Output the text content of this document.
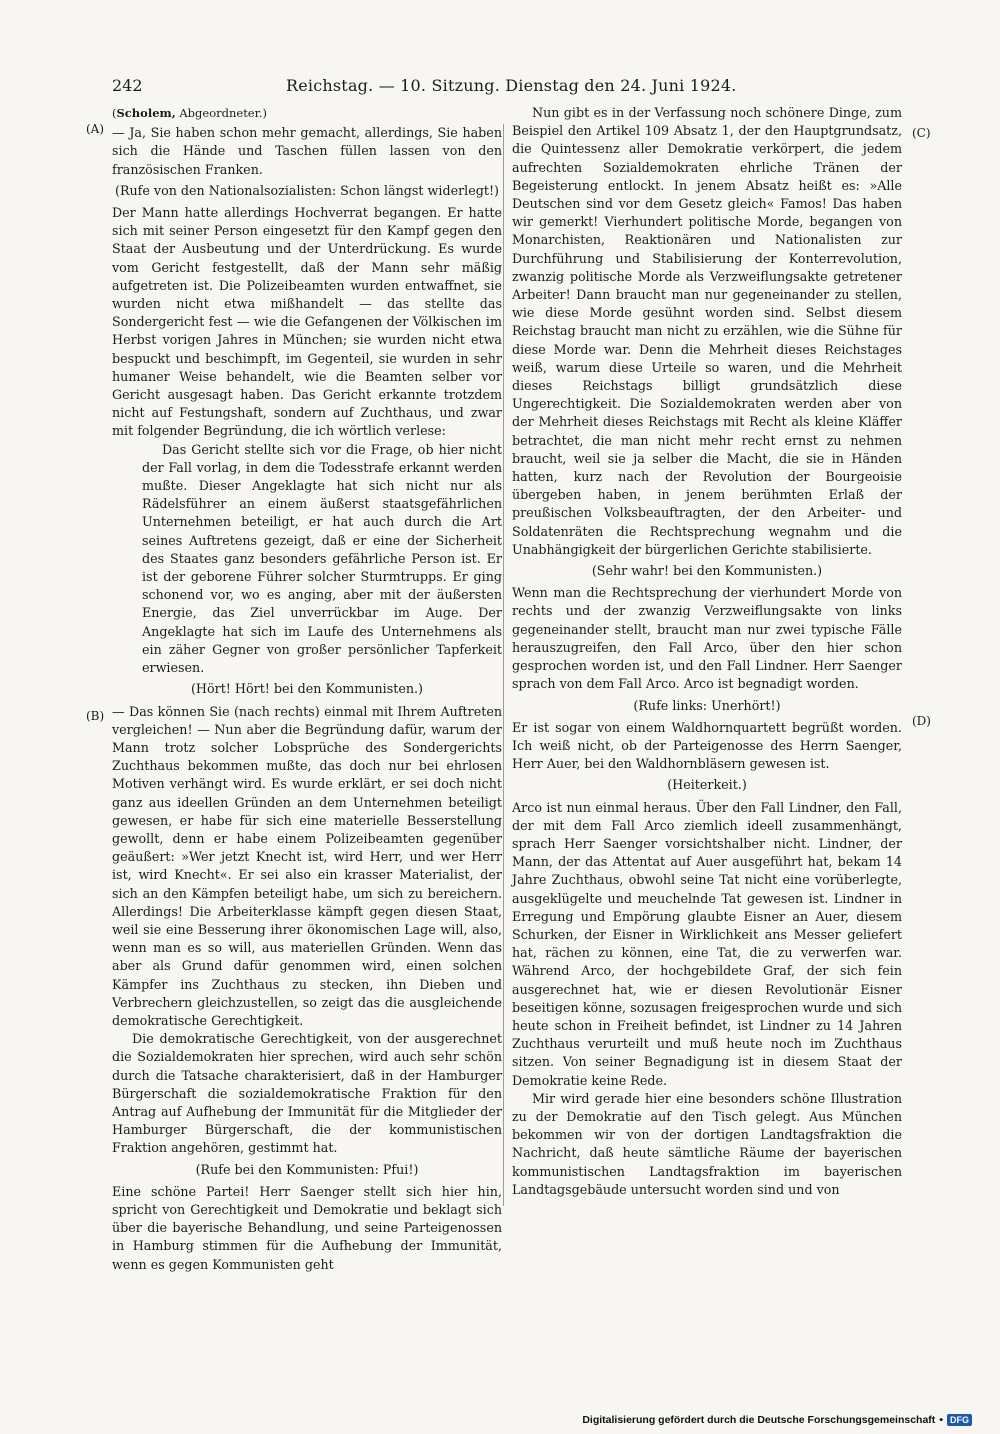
242	Reichstag. — 10. Sitzung. Dienstag den 24. Juni 1924.
(A)
(B)
(C)
(D)
(Scholem, Abgeordneter.)

— Ja, Sie haben schon mehr gemacht, allerdings, Sie haben sich die Hände und Taschen füllen lassen von den französischen Franken.

(Rufe von den Nationalsozialisten: Schon längst widerlegt!)

Der Mann hatte allerdings Hochverrat begangen. Er hatte sich mit seiner Person eingesetzt für den Kampf gegen den Staat der Ausbeutung und der Unterdrückung. Es wurde vom Gericht festgestellt, daß der Mann sehr mäßig aufgetreten ist. Die Polizeibeamten wurden entwaffnet, sie wurden nicht etwa mißhandelt — das stellte das Sondergericht fest — wie die Gefangenen der Völkischen im Herbst vorigen Jahres in München; sie wurden nicht etwa bespuckt und beschimpft, im Gegenteil, sie wurden in sehr humaner Weise behandelt, wie die Beamten selber vor Gericht ausgesagt haben. Das Gericht erkannte trotzdem nicht auf Festungshaft, sondern auf Zuchthaus, und zwar mit folgender Begründung, die ich wörtlich verlese:

Das Gericht stellte sich vor die Frage, ob hier nicht der Fall vorlag, in dem die Todesstrafe erkannt werden mußte. Dieser Angeklagte hat sich nicht nur als Rädelsführer an einem äußerst staatsgefährlichen Unternehmen beteiligt, er hat auch durch die Art seines Auftretens gezeigt, daß er eine der Sicherheit des Staates ganz besonders gefährliche Person ist. Er ist der geborene Führer solcher Sturmtrupps. Er ging schonend vor, wo es anging, aber mit der äußersten Energie, das Ziel unverrückbar im Auge. Der Angeklagte hat sich im Laufe des Unternehmens als ein zäher Gegner von großer persönlicher Tapferkeit erwiesen.

(Hört! Hört! bei den Kommunisten.)

— Das können Sie (nach rechts) einmal mit Ihrem Auftreten vergleichen! — Nun aber die Begründung dafür, warum der Mann trotz solcher Lobsprüche des Sondergerichts Zuchthaus bekommen mußte, das doch nur bei ehrlosen Motiven verhängt wird. Es wurde erklärt, er sei doch nicht ganz aus ideellen Gründen an dem Unternehmen beteiligt gewesen, er habe für sich eine materielle Besserstellung gewollt, denn er habe einem Polizeibeamten gegenüber geäußert: »Wer jetzt Knecht ist, wird Herr, und wer Herr ist, wird Knecht«. Er sei also ein krasser Materialist, der sich an den Kämpfen beteiligt habe, um sich zu bereichern. Allerdings! Die Arbeiterklasse kämpft gegen diesen Staat, weil sie eine Besserung ihrer ökonomischen Lage will, also, wenn man es so will, aus materiellen Gründen. Wenn das aber als Grund dafür genommen wird, einen solchen Kämpfer ins Zuchthaus zu stecken, ihn Dieben und Verbrechern gleichzustellen, so zeigt das die ausgleichende demokratische Gerechtigkeit.

Die demokratische Gerechtigkeit, von der ausgerechnet die Sozialdemokraten hier sprechen, wird auch sehr schön durch die Tatsache charakterisiert, daß in der Hamburger Bürgerschaft die sozialdemokratische Fraktion für den Antrag auf Aufhebung der Immunität für die Mitglieder der Hamburger Bürgerschaft, die der kommunistischen Fraktion angehören, gestimmt hat.

(Rufe bei den Kommunisten: Pfui!)

Eine schöne Partei! Herr Saenger stellt sich hier hin, spricht von Gerechtigkeit und Demokratie und beklagt sich über die bayerische Behandlung, und seine Parteigenossen in Hamburg stimmen für die Aufhebung der Immunität, wenn es gegen Kommunisten geht

Nun gibt es in der Verfassung noch schönere Dinge, zum Beispiel den Artikel 109 Absatz 1, der den Hauptgrundsatz, die Quintessenz aller Demokratie verkörpert, die jedem aufrechten Sozialdemokraten ehrliche Tränen der Begeisterung entlockt. In jenem Absatz heißt es: »Alle Deutschen sind vor dem Gesetz gleich« Famos! Das haben wir gemerkt! Vierhundert politische Morde, begangen von Monarchisten, Reaktionären und Nationalisten zur Durchführung und Stabilisierung der Konterrevolution, zwanzig politische Morde als Verzweiflungsakte getretener Arbeiter! Dann braucht man nur gegeneinander zu stellen, wie diese Morde gesühnt worden sind. Selbst diesem Reichstag braucht man nicht zu erzählen, wie die Sühne für diese Morde war. Denn die Mehrheit dieses Reichstages weiß, warum diese Urteile so waren, und die Mehrheit dieses Reichstags billigt grundsätzlich diese Ungerechtigkeit. Die Sozialdemokraten werden aber von der Mehrheit dieses Reichstags mit Recht als kleine Kläffer betrachtet, die man nicht mehr recht ernst zu nehmen braucht, weil sie ja selber die Macht, die sie in Händen hatten, kurz nach der Revolution der Bourgeoisie übergeben haben, in jenem berühmten Erlaß der preußischen Volksbeauftragten, der den Arbeiter- und Soldatenräten die Rechtsprechung wegnahm und die Unabhängigkeit der bürgerlichen Gerichte stabilisierte.

(Sehr wahr! bei den Kommunisten.)

Wenn man die Rechtsprechung der vierhundert Morde von rechts und der zwanzig Verzweiflungsakte von links gegeneinander stellt, braucht man nur zwei typische Fälle herauszugreifen, den Fall Arco, über den hier schon gesprochen worden ist, und den Fall Lindner. Herr Saenger sprach von dem Fall Arco. Arco ist begnadigt worden.

(Rufe links: Unerhört!)

Er ist sogar von einem Waldhornquartett begrüßt worden. Ich weiß nicht, ob der Parteigenosse des Herrn Saenger, Herr Auer, bei den Waldhornbläsern gewesen ist.

(Heiterkeit.)

Arco ist nun einmal heraus. Über den Fall Lindner, den Fall, der mit dem Fall Arco ziemlich ideell zusammenhängt, sprach Herr Saenger vorsichtshalber nicht. Lindner, der Mann, der das Attentat auf Auer ausgeführt hat, bekam 14 Jahre Zuchthaus, obwohl seine Tat nicht eine vorüberlegte, ausgeklügelte und meuchelnde Tat gewesen ist. Lindner in Erregung und Empörung glaubte Eisner an Auer, diesem Schurken, der Eisner in Wirklichkeit ans Messer geliefert hat, rächen zu können, eine Tat, die zu verwerfen war. Während Arco, der hochgebildete Graf, der sich fein ausgerechnet hat, wie er diesen Revolutionär Eisner beseitigen könne, sozusagen freigesprochen wurde und sich heute schon in Freiheit befindet, ist Lindner zu 14 Jahren Zuchthaus verurteilt und muß heute noch im Zuchthaus sitzen. Von seiner Begnadigung ist in diesem Staat der Demokratie keine Rede.

Mir wird gerade hier eine besonders schöne Illustration zu der Demokratie auf den Tisch gelegt. Aus München bekommen wir von der dortigen Landtagsfraktion die Nachricht, daß heute sämtliche Räume der bayerischen kommunistischen Landtagsfraktion im bayerischen Landtagsgebäude untersucht worden sind und von

Digitalisierung gefördert durch die Deutsche Forschungsgemeinschaft • DFG
